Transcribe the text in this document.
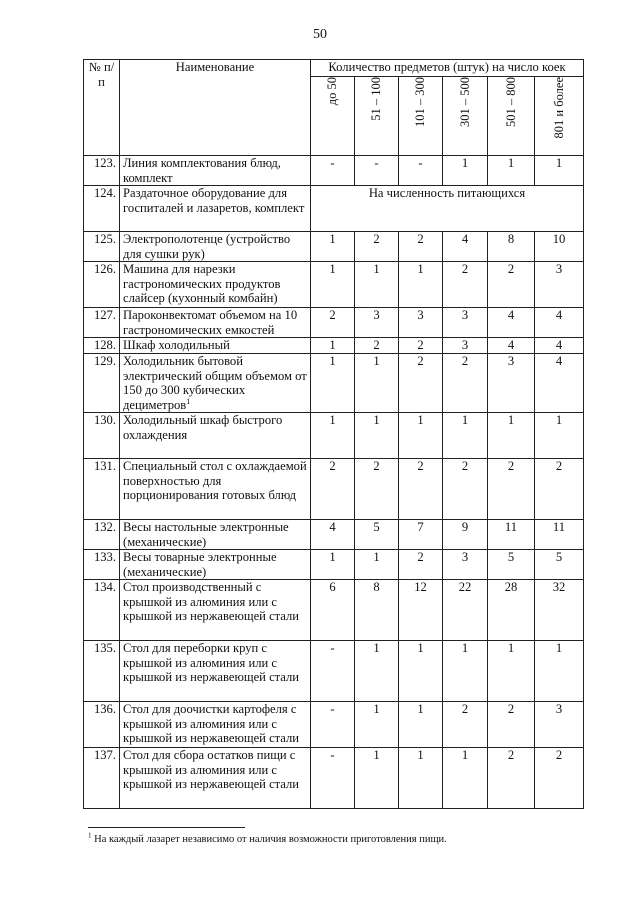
50
№ п/п	Наименование	Количество предметов (штук) на число коек					

		до 50	51 – 100	101 – 300	301 – 500	501 – 800	801 и более

123.	Линия комплектования блюд, комплект	-	-	-	1	1	1
124.	Раздаточное оборудование для госпиталей и лазаретов, комплект	На численность питающихся					
125.	Электрополотенце (устройство для сушки рук)	1	2	2	4	8	10
126.	Машина для нарезки гастрономических продуктов слайсер (кухонный комбайн)	1	1	1	2	2	3
127.	Пароконвектомат объемом на 10 гастрономических емкостей	2	3	3	3	4	4
128.	Шкаф холодильный	1	2	2	3	4	4
129.	Холодильник бытовой электрический общим объемом от 150 до 300 кубических дециметров$^1$	1	1	2	2	3	4
130.	Холодильный шкаф быстрого охлаждения	1	1	1	1	1	1
131.	Специальный стол с охлаждаемой поверхностью для порционирования готовых блюд	2	2	2	2	2	2
132.	Весы настольные электронные (механические)	4	5	7	9	11	11
133.	Весы товарные электронные (механические)	1	1	2	3	5	5
134.	Стол производственный с крышкой из алюминия или с крышкой из нержавеющей стали	6	8	12	22	28	32
135.	Стол для переборки круп с крышкой из алюминия или с крышкой из нержавеющей стали	-	1	1	1	1	1
136.	Стол для доочистки картофеля с крышкой из алюминия или с крышкой из нержавеющей стали	-	1	1	2	2	3
137.	Стол для сбора остатков пищи с крышкой из алюминия или с крышкой из нержавеющей стали	-	1	1	1	2	2
$^1$ На каждый лазарет независимо от наличия возможности приготовления пищи.
